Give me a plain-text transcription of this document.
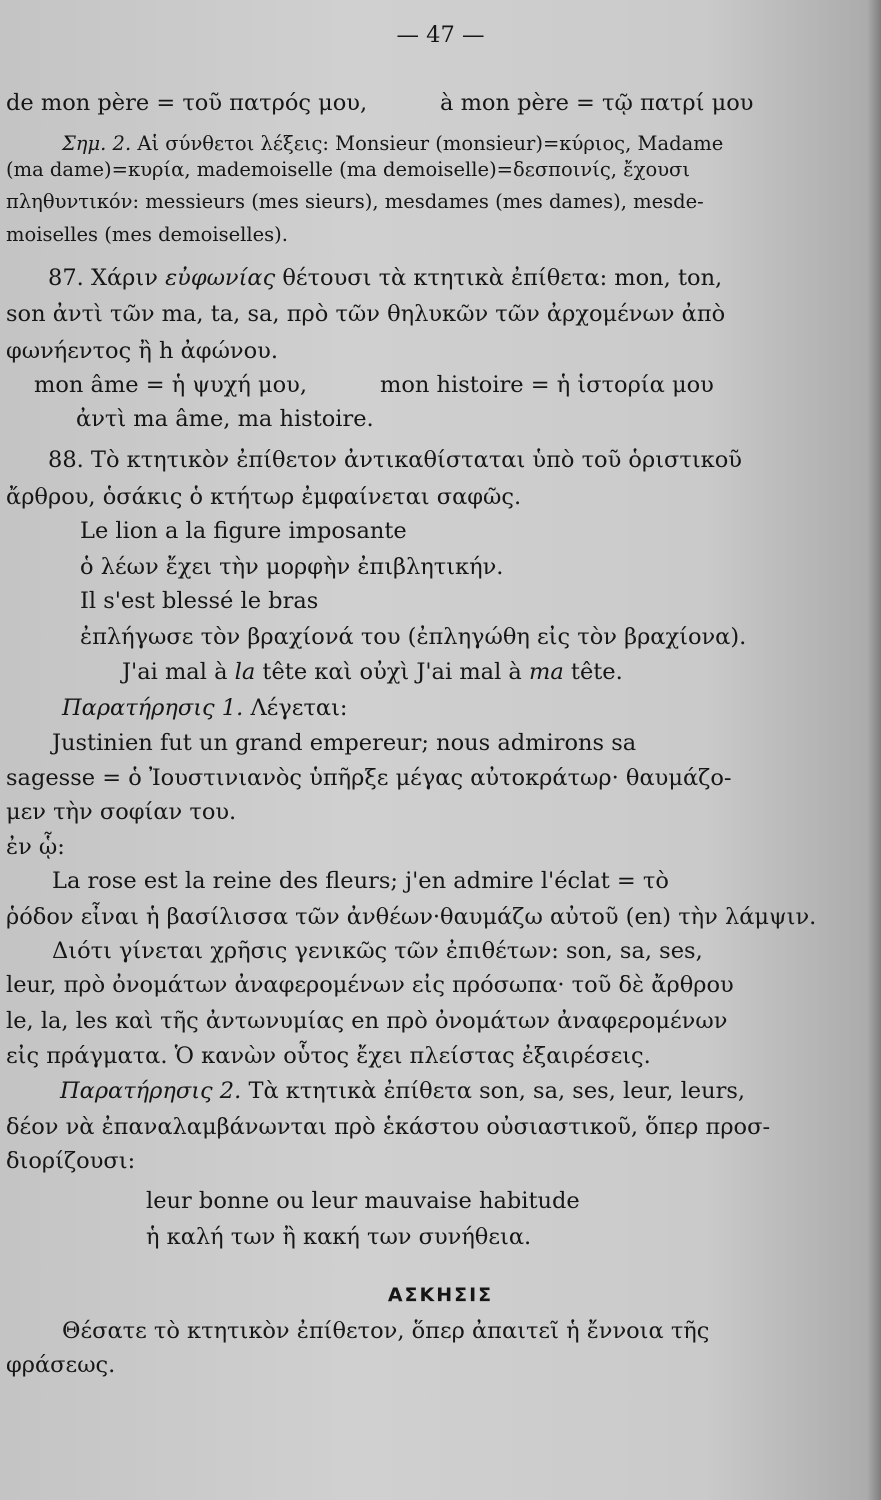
— 47 —
de mon père = τοῦ πατρός μου,	à mon père = τῷ πατρί μου
Σημ. 2. Αἱ σύνθετοι λέξεις: Monsieur (monsieur)=κύριος, Madame
(ma dame)=κυρία, mademoiselle (ma demoiselle)=δεσποινίς, ἔχουσι
πληθυντικόν: messieurs (mes sieurs), mesdames (mes dames), mesde-
moiselles (mes demoiselles).
87. Χάριν εὐφωνίας θέτουσι τὰ κτητικὰ ἐπίθετα: mon, ton,
son ἀντὶ τῶν ma, ta, sa, πρὸ τῶν θηλυκῶν τῶν ἀρχομένων ἀπὸ
φωνήεντος ἢ h ἀφώνου.
mon âme = ἡ ψυχή μου,	mon histoire = ἡ ἱστορία μου
ἀντὶ ma âme, ma histoire.
88. Τὸ κτητικὸν ἐπίθετον ἀντικαθίσταται ὑπὸ τοῦ ὁριστικοῦ
ἄρθρου, ὁσάκις ὁ κτήτωρ ἐμφαίνεται σαφῶς.
Le lion a la figure imposante
ὁ λέων ἔχει τὴν μορφὴν ἐπιβλητικήν.
Il s'est blessé le bras
ἐπλήγωσε τὸν βραχίονά του (ἐπληγώθη εἰς τὸν βραχίονα).
J'ai mal à la tête καὶ οὐχὶ J'ai mal à ma tête.
Παρατήρησις 1. Λέγεται:
Justinien fut un grand empereur; nous admirons sa
sagesse = ὁ Ἰουστινιανὸς ὑπῆρξε μέγας αὐτοκράτωρ· θαυμάζο-
μεν τὴν σοφίαν του.
ἐν ᾧ:
La rose est la reine des fleurs; j'en admire l'éclat = τὸ
ῥόδον εἶναι ἡ βασίλισσα τῶν ἀνθέων·θαυμάζω αὐτοῦ (en) τὴν λάμψιν.
Διότι γίνεται χρῆσις γενικῶς τῶν ἐπιθέτων: son, sa, ses,
leur, πρὸ ὀνομάτων ἀναφερομένων εἰς πρόσωπα· τοῦ δὲ ἄρθρου
le, la, les καὶ τῆς ἀντωνυμίας en πρὸ ὀνομάτων ἀναφερομένων
εἰς πράγματα. Ὁ κανὼν οὗτος ἔχει πλείστας ἐξαιρέσεις.
Παρατήρησις 2. Τὰ κτητικὰ ἐπίθετα son, sa, ses, leur, leurs,
δέον νὰ ἐπαναλαμβάνωνται πρὸ ἑκάστου οὐσιαστικοῦ, ὅπερ προσ-
διορίζουσι:
leur bonne ou leur mauvaise habitude
ἡ καλή των ἢ κακή των συνήθεια.
ΑΣΚΗΣΙΣ
Θέσατε τὸ κτητικὸν ἐπίθετον, ὅπερ ἀπαιτεῖ ἡ ἔννοια τῆς
φράσεως.
